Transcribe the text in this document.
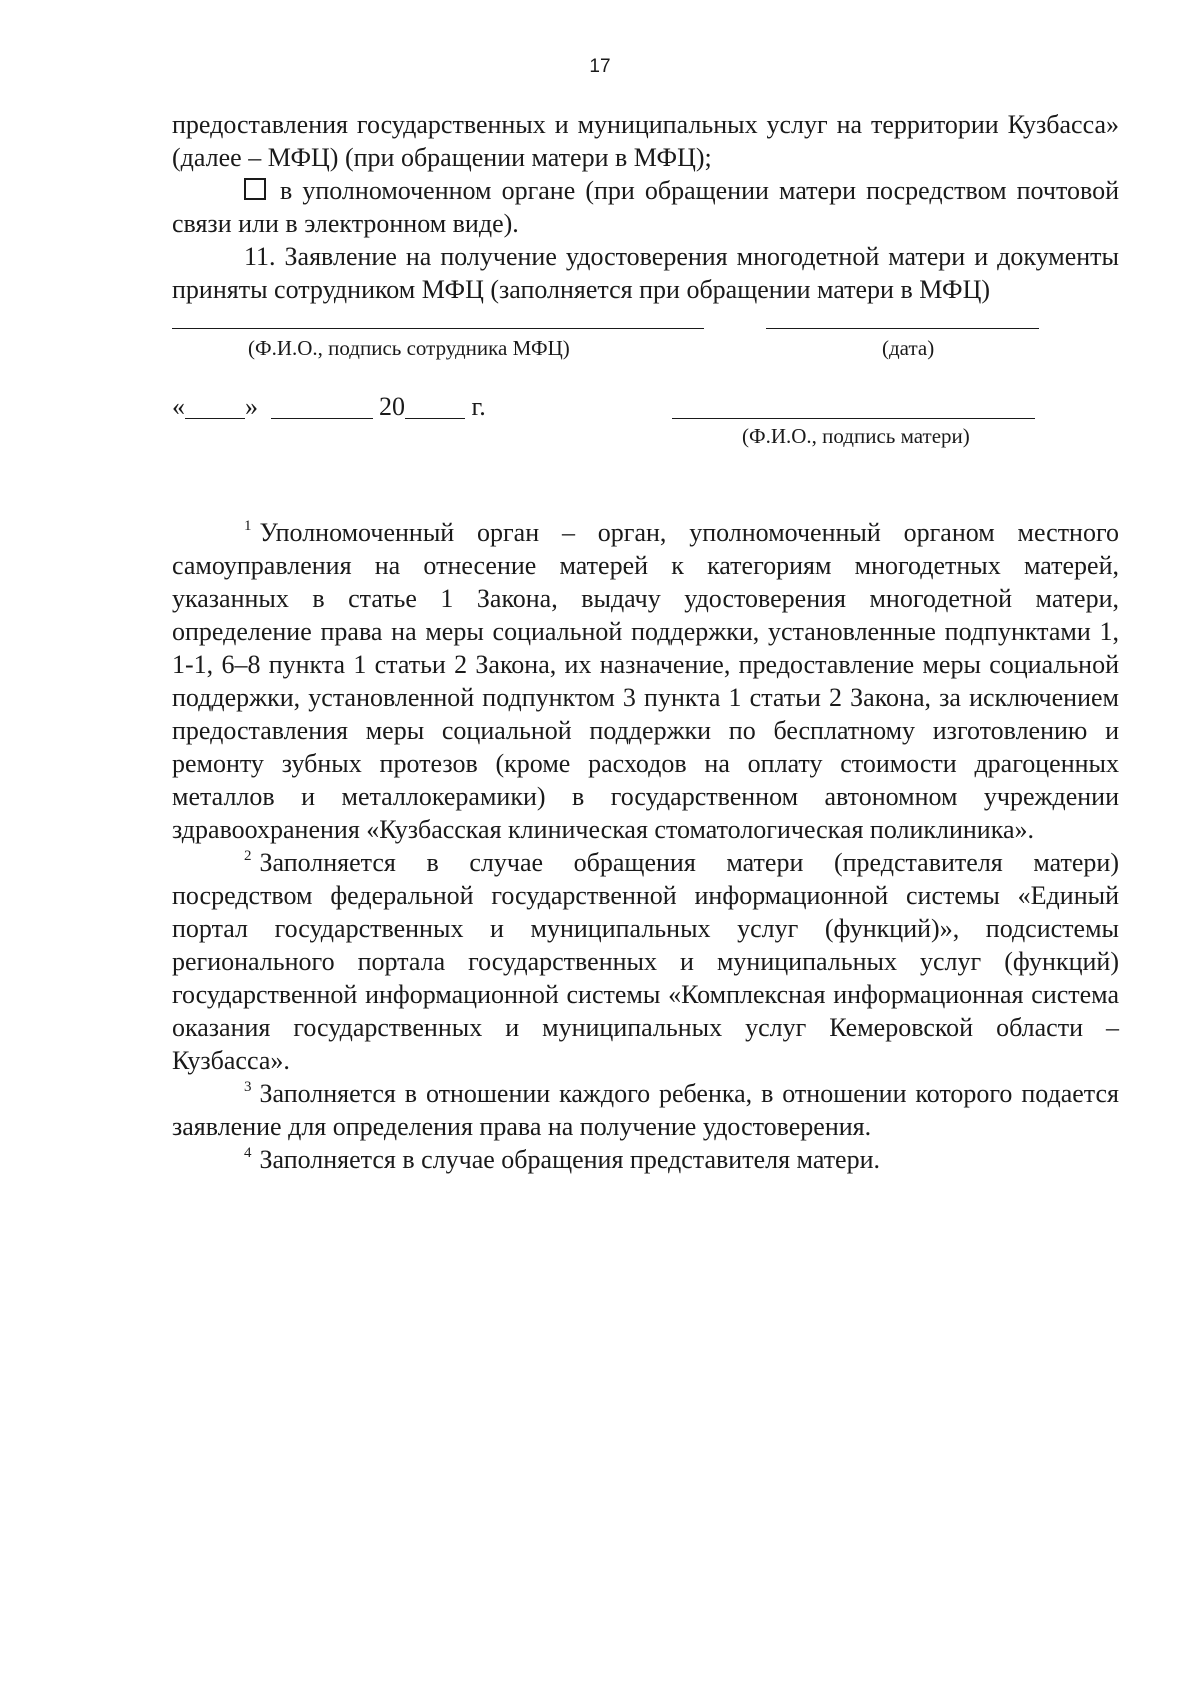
17

предоставления государственных и муниципальных услуг на территории Кузбасса» (далее – МФЦ) (при обращении матери в МФЦ);

в уполномоченном органе (при обращении матери посредством почтовой связи или в электронном виде).

11. Заявление на получение удостоверения многодетной матери и документы приняты сотрудником МФЦ (заполняется при обращении матери в МФЦ)

(Ф.И.О., подпись сотрудника МФЦ)	(дата)
« »	20	г.
(Ф.И.О., подпись матери)

$^1$ Уполномоченный орган – орган, уполномоченный органом местного самоуправления на отнесение матерей к категориям многодетных матерей, указанных в статье 1 Закона, выдачу удостоверения многодетной матери, определение права на меры социальной поддержки, установленные подпунктами 1, 1-1, 6–8 пункта 1 статьи 2 Закона, их назначение, предоставление меры социальной поддержки, установленной подпунктом 3 пункта 1 статьи 2 Закона, за исключением предоставления меры социальной поддержки по бесплатному изготовлению и ремонту зубных протезов (кроме расходов на оплату стоимости драгоценных металлов и металлокерамики) в государственном автономном учреждении здравоохранения «Кузбасская клиническая стоматологическая поликлиника».

$^2$ Заполняется в случае обращения матери (представителя матери) посредством федеральной государственной информационной системы «Единый портал государственных и муниципальных услуг (функций)», подсистемы регионального портала государственных и муниципальных услуг (функций) государственной информационной системы «Комплексная информационная система оказания государственных и муниципальных услуг Кемеровской области – Кузбасса».

$^3$ Заполняется в отношении каждого ребенка, в отношении которого подается заявление для определения права на получение удостоверения.

$^4$ Заполняется в случае обращения представителя матери.
